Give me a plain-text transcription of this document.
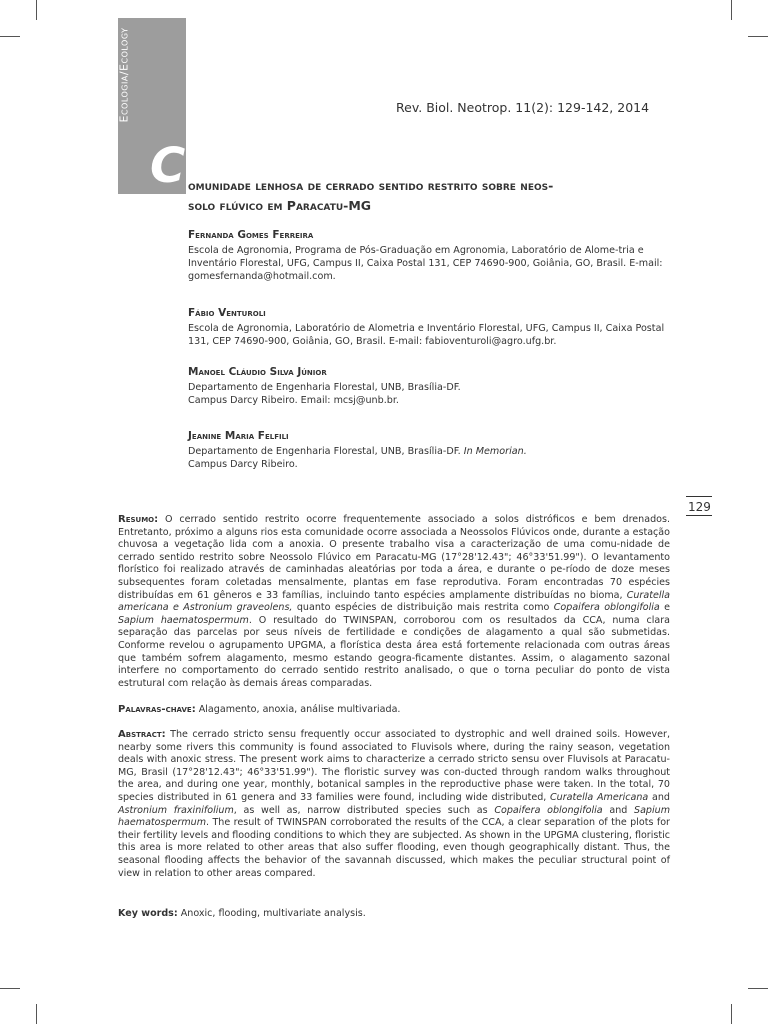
C
Rev. Biol. Neotrop. 11(2): 129-142, 2014
omunidade lenhosa de cerrado sentido restrito sobre neos-
solo flúvico em Paracatu-MG
Fernanda Gomes Ferreira
Escola de Agronomia, Programa de Pós-Graduação em Agronomia, Laboratório de Alome-tria e Inventário Florestal, UFG, Campus II, Caixa Postal 131, CEP 74690-900, Goiânia, GO, Brasil. E-mail: gomesfernanda@hotmail.com.
Fábio Venturoli
Escola de Agronomia, Laboratório de Alometria e Inventário Florestal, UFG, Campus II, Caixa Postal 131, CEP 74690-900, Goiânia, GO, Brasil. E-mail: fabioventuroli@agro.ufg.br.
Manoel Cláudio Silva Júnior
Departamento de Engenharia Florestal, UNB, Brasília-DF.
Campus Darcy Ribeiro. Email: mcsj@unb.br.
Jeanine Maria Felfili
Departamento de Engenharia Florestal, UNB, Brasília-DF. In Memorian.
Campus Darcy Ribeiro.
129

Resumo: O cerrado sentido restrito ocorre frequentemente associado a solos distróficos e bem drenados. Entretanto, próximo a alguns rios esta comunidade ocorre associada a Neossolos Flúvicos onde, durante a estação chuvosa a vegetação lida com a anoxia. O presente trabalho visa a caracterização de uma comu-nidade de cerrado sentido restrito sobre Neossolo Flúvico em Paracatu-MG (17°28'12.43"; 46°33'51.99"). O levantamento florístico foi realizado através de caminhadas aleatórias por toda a área, e durante o pe-ríodo de doze meses subsequentes foram coletadas mensalmente, plantas em fase reprodutiva. Foram encontradas 70 espécies distribuídas em 61 gêneros e 33 famílias, incluindo tanto espécies amplamente distribuídas no bioma, Curatella americana e Astronium graveolens, quanto espécies de distribuição mais restrita como Copaifera oblongifolia e Sapium haematospermum. O resultado do TWINSPAN, corroborou com os resultados da CCA, numa clara separação das parcelas por seus níveis de fertilidade e condições de alagamento a qual são submetidas. Conforme revelou o agrupamento UPGMA, a florística desta área está fortemente relacionada com outras áreas que também sofrem alagamento, mesmo estando geogra-ficamente distantes. Assim, o alagamento sazonal interfere no comportamento do cerrado sentido restrito analisado, o que o torna peculiar do ponto de vista estrutural com relação às demais áreas comparadas.

Palavras-chave: Alagamento, anoxia, análise multivariada.

Abstract: The cerrado stricto sensu frequently occur associated to dystrophic and well drained soils. However, nearby some rivers this community is found associated to Fluvisols where, during the rainy season, vegetation deals with anoxic stress. The present work aims to characterize a cerrado stricto sensu over Fluvisols at Paracatu-MG, Brasil (17°28'12.43"; 46°33'51.99"). The floristic survey was con-ducted through random walks throughout the area, and during one year, monthly, botanical samples in the reproductive phase were taken. In the total, 70 species distributed in 61 genera and 33 families were found, including wide distributed, Curatella Americana and Astronium fraxinifolium, as well as, narrow distributed species such as Copaifera oblongifolia and Sapium haematospermum. The result of TWINSPAN corroborated the results of the CCA, a clear separation of the plots for their fertility levels and flooding conditions to which they are subjected. As shown in the UPGMA clustering, floristic this area is more related to other areas that also suffer flooding, even though geographically distant. Thus, the seasonal flooding affects the behavior of the savannah discussed, which makes the peculiar structural point of view in relation to other areas compared.

Key words: Anoxic, flooding, multivariate analysis.
